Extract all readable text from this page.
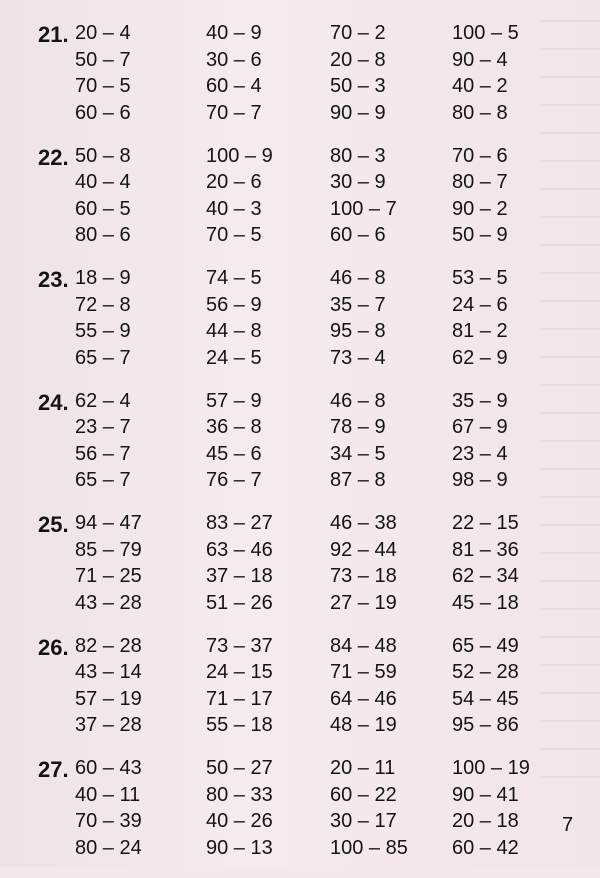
21. 20 – 4
50 – 7
70 – 5
60 – 6
40 – 9
30 – 6
60 – 4
70 – 7
70 – 2
20 – 8
50 – 3
90 – 9
100 – 5
90 – 4
40 – 2
80 – 8
22. 50 – 8
40 – 4
60 – 5
80 – 6
100 – 9
20 – 6
40 – 3
70 – 5
80 – 3
30 – 9
100 – 7
60 – 6
70 – 6
80 – 7
90 – 2
50 – 9
23. 18 – 9
72 – 8
55 – 9
65 – 7
74 – 5
56 – 9
44 – 8
24 – 5
46 – 8
35 – 7
95 – 8
73 – 4
53 – 5
24 – 6
81 – 2
62 – 9
24. 62 – 4
23 – 7
56 – 7
65 – 7
57 – 9
36 – 8
45 – 6
76 – 7
46 – 8
78 – 9
34 – 5
87 – 8
35 – 9
67 – 9
23 – 4
98 – 9
25. 94 – 47
85 – 79
71 – 25
43 – 28
83 – 27
63 – 46
37 – 18
51 – 26
46 – 38
92 – 44
73 – 18
27 – 19
22 – 15
81 – 36
62 – 34
45 – 18
26. 82 – 28
43 – 14
57 – 19
37 – 28
73 – 37
24 – 15
71 – 17
55 – 18
84 – 48
71 – 59
64 – 46
48 – 19
65 – 49
52 – 28
54 – 45
95 – 86
27. 60 – 43
40 – 11
70 – 39
80 – 24
50 – 27
80 – 33
40 – 26
90 – 13
20 – 11
60 – 22
30 – 17
100 – 85
100 – 19
90 – 41
20 – 18
60 – 42
7
